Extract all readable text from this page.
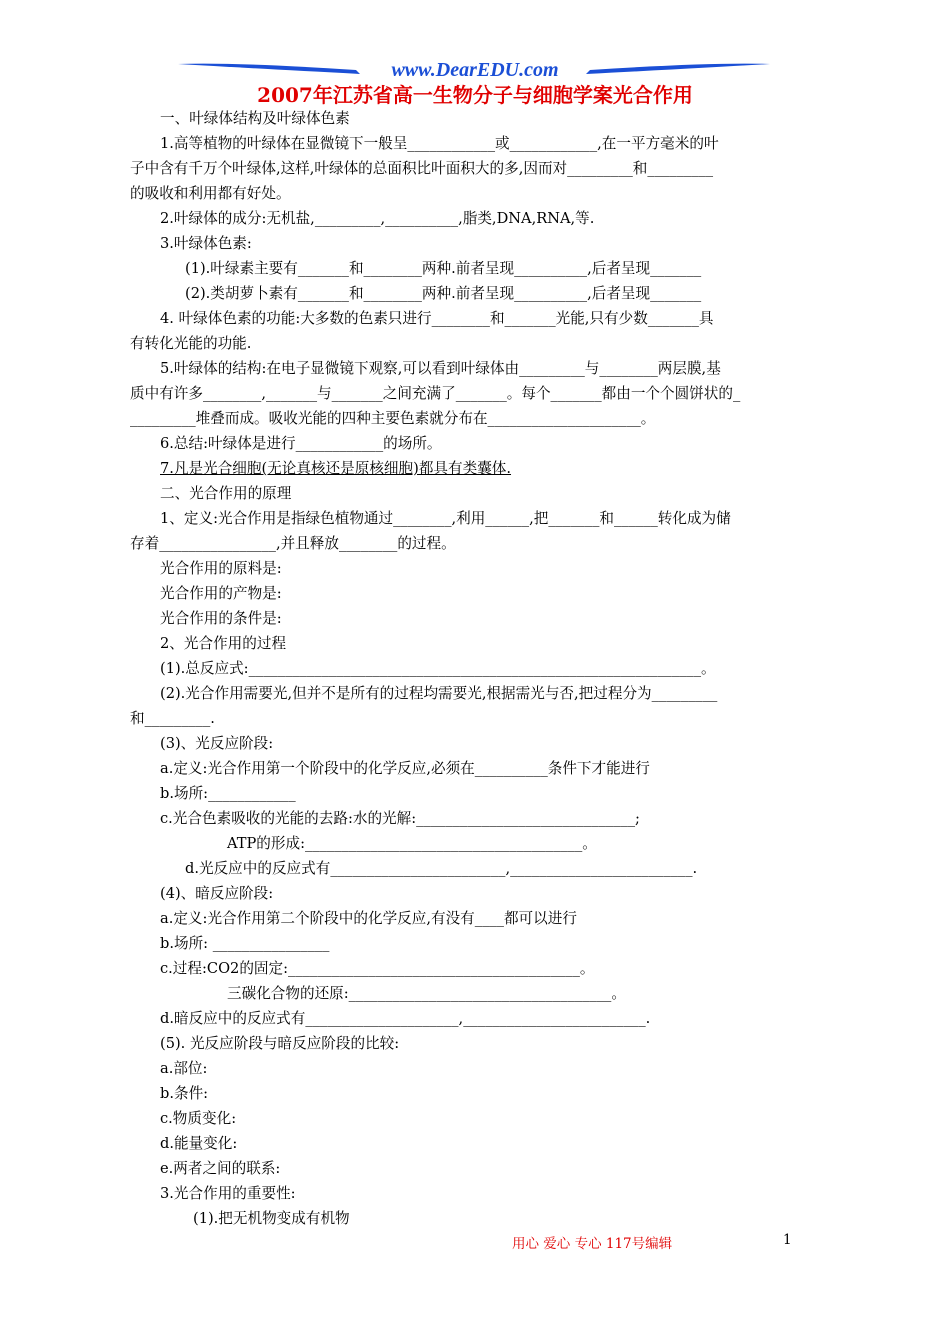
www.DearEDU.com
2007年江苏省高一生物分子与细胞学案光合作用
一、叶绿体结构及叶绿体色素
1.高等植物的叶绿体在显微镜下一般呈____________或____________,在一平方毫米的叶
子中含有千万个叶绿体,这样,叶绿体的总面积比叶面积大的多,因而对_________和_________
的吸收和利用都有好处。
2.叶绿体的成分:无机盐,_________,__________,脂类,DNA,RNA,等.
3.叶绿体色素:
(1).叶绿素主要有_______和________两种.前者呈现__________,后者呈现_______
(2).类胡萝卜素有_______和________两种.前者呈现__________,后者呈现_______
4. 叶绿体色素的功能:大多数的色素只进行________和_______光能,只有少数_______具
有转化光能的功能.
5.叶绿体的结构:在电子显微镜下观察,可以看到叶绿体由_________与________两层膜,基
质中有许多________,_______与_______之间充满了_______。每个_______都由一个个圆饼状的_
_________堆叠而成。吸收光能的四种主要色素就分布在_____________________。
6.总结:叶绿体是进行____________的场所。
7.凡是光合细胞(无论真核还是原核细胞)都具有类囊体.
二、光合作用的原理
1、定义:光合作用是指绿色植物通过________,利用______,把_______和______转化成为储
存着________________,并且释放________的过程。
光合作用的原料是:
光合作用的产物是:
光合作用的条件是:
2、光合作用的过程
(1).总反应式:______________________________________________________________。
(2).光合作用需要光,但并不是所有的过程均需要光,根据需光与否,把过程分为_________
和_________.
(3)、光反应阶段:
a.定义:光合作用第一个阶段中的化学反应,必须在__________条件下才能进行
b.场所:____________
c.光合色素吸收的光能的去路:水的光解:______________________________;
ATP的形成:______________________________________。
d.光反应中的反应式有________________________,_________________________.
(4)、暗反应阶段:
a.定义:光合作用第二个阶段中的化学反应,有没有____都可以进行
b.场所: ________________
c.过程:CO2的固定:________________________________________。
三碳化合物的还原:____________________________________。
d.暗反应中的反应式有_____________________,_________________________.
(5). 光反应阶段与暗反应阶段的比较:
a.部位:
b.条件:
c.物质变化:
d.能量变化:
e.两者之间的联系:
3.光合作用的重要性:
(1).把无机物变成有机物
用心 爱心 专心 117号编辑	1
